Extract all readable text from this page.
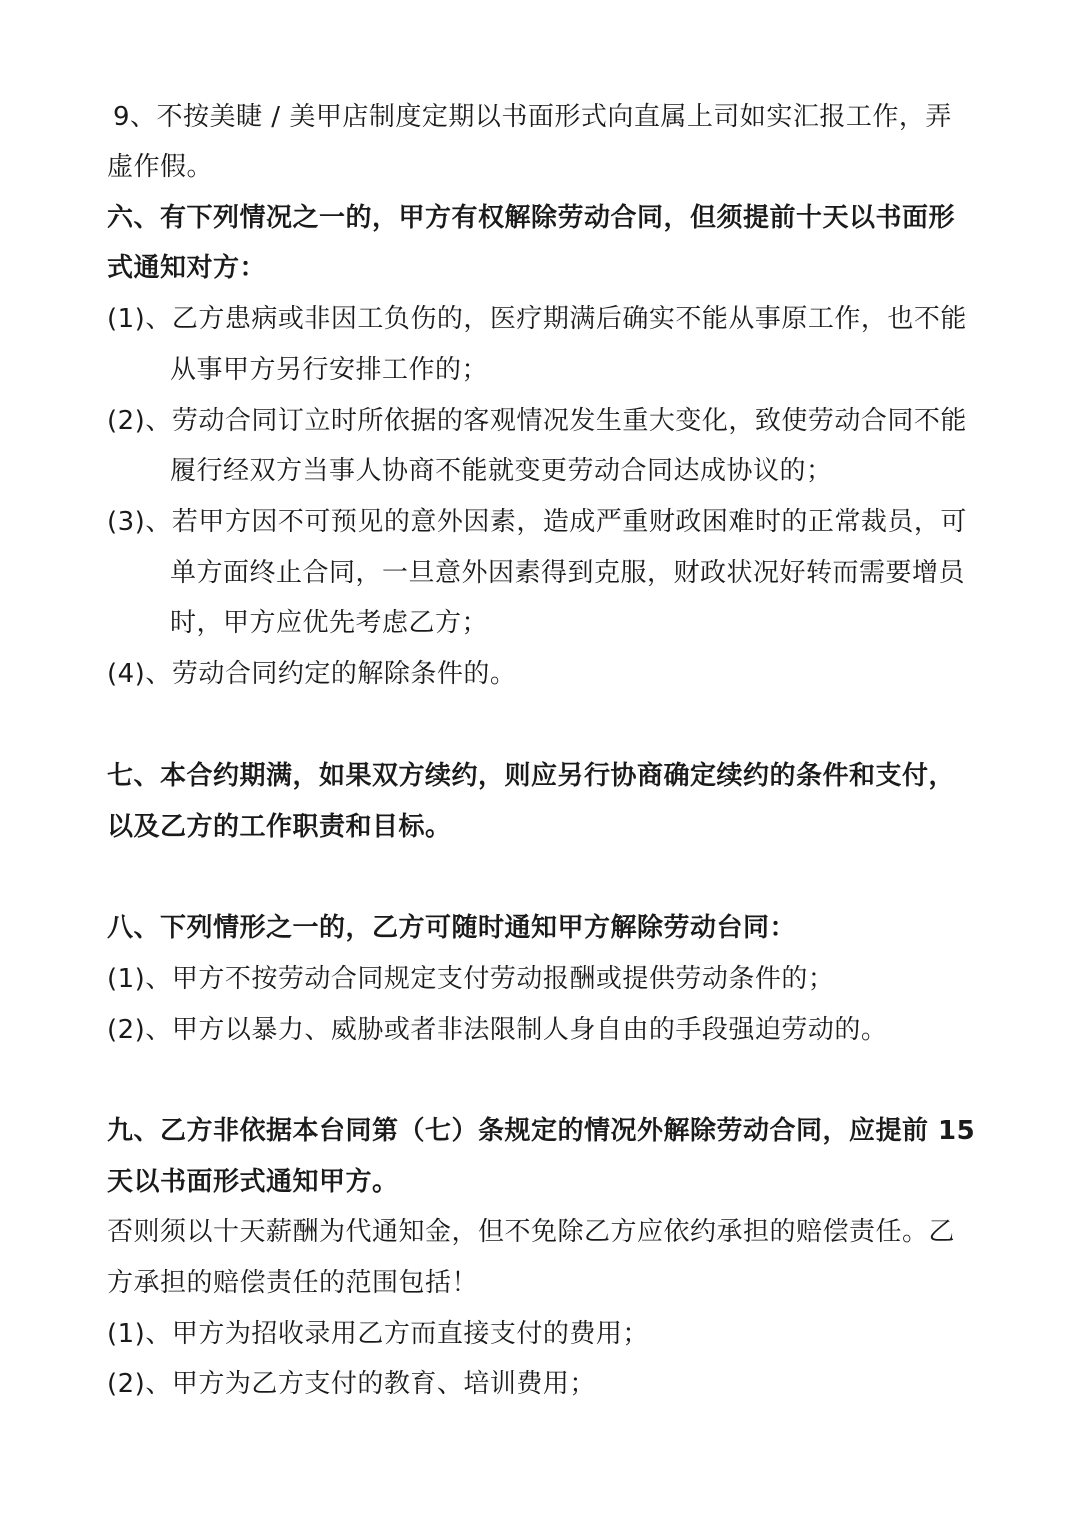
9、不按美睫 / 美甲店制度定期以书面形式向直属上司如实汇报工作，弄
虚作假。
六、有下列情况之一的，甲方有权解除劳动合同，但须提前十天以书面形
式通知对方：
(1)、乙方患病或非因工负伤的，医疗期满后确实不能从事原工作，也不能
从事甲方另行安排工作的；
(2)、劳动合同订立时所依据的客观情况发生重大变化，致使劳动合同不能
履行经双方当事人协商不能就变更劳动合同达成协议的；
(3)、若甲方因不可预见的意外因素，造成严重财政困难时的正常裁员，可
单方面终止合同，一旦意外因素得到克服，财政状况好转而需要增员
时，甲方应优先考虑乙方；
(4)、劳动合同约定的解除条件的。
七、本合约期满，如果双方续约，则应另行协商确定续约的条件和支付，
以及乙方的工作职责和目标。
八、下列情形之一的，乙方可随时通知甲方解除劳动台同：
(1)、甲方不按劳动合同规定支付劳动报酬或提供劳动条件的；
(2)、甲方以暴力、威胁或者非法限制人身自由的手段强迫劳动的。
九、乙方非依据本台同第（七）条规定的情况外解除劳动合同，应提前 15
天以书面形式通知甲方。
否则须以十天薪酬为代通知金，但不免除乙方应依约承担的赔偿责任。乙
方承担的赔偿责任的范围包括！
(1)、甲方为招收录用乙方而直接支付的费用；
(2)、甲方为乙方支付的教育、培训费用；
